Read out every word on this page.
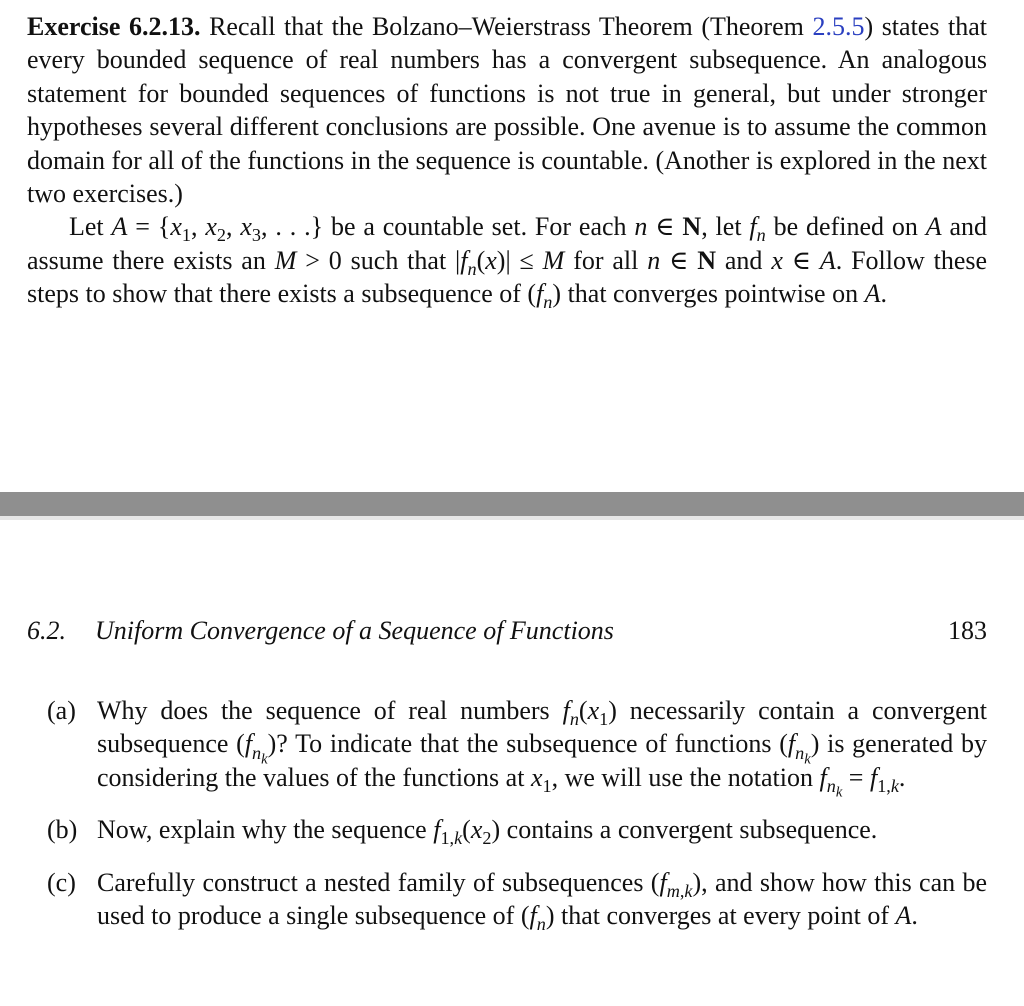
Exercise 6.2.13. Recall that the Bolzano–Weierstrass Theorem (Theorem 2.5.5) states that every bounded sequence of real numbers has a convergent subsequence. An analogous statement for bounded sequences of functions is not true in general, but under stronger hypotheses several different conclusions are possible. One avenue is to assume the common domain for all of the functions in the sequence is countable. (Another is explored in the next two exercises.)

Let $A = \{x_1$, $x_2$, $x_3$, . . .} be a countable set. For each n ∈ N, let $f_n$ be defined on A and assume there exists an M > 0 such that $|f_n(x)| \le M$ for all n ∈ N and x ∈ A. Follow these steps to show that there exists a subsequence of $(f_n)$ that converges pointwise on A.

6.2. Uniform Convergence of a Sequence of Functions	183
(a) Why does the sequence of real numbers $f_n(x_1)$ necessarily contain a convergent subsequence $(f_{n_k})$? To indicate that the subsequence of functions $(f_{n_k})$ is generated by considering the values of the functions at $x_1$, we will use the notation $f_{n_k} = f_{1,k}$.
(b) Now, explain why the sequence $f_{1,k}(x_2)$ contains a convergent subsequence.
(c) Carefully construct a nested family of subsequences $(f_{m,k})$, and show how this can be used to produce a single subsequence of $(f_n)$ that converges at every point of A.
